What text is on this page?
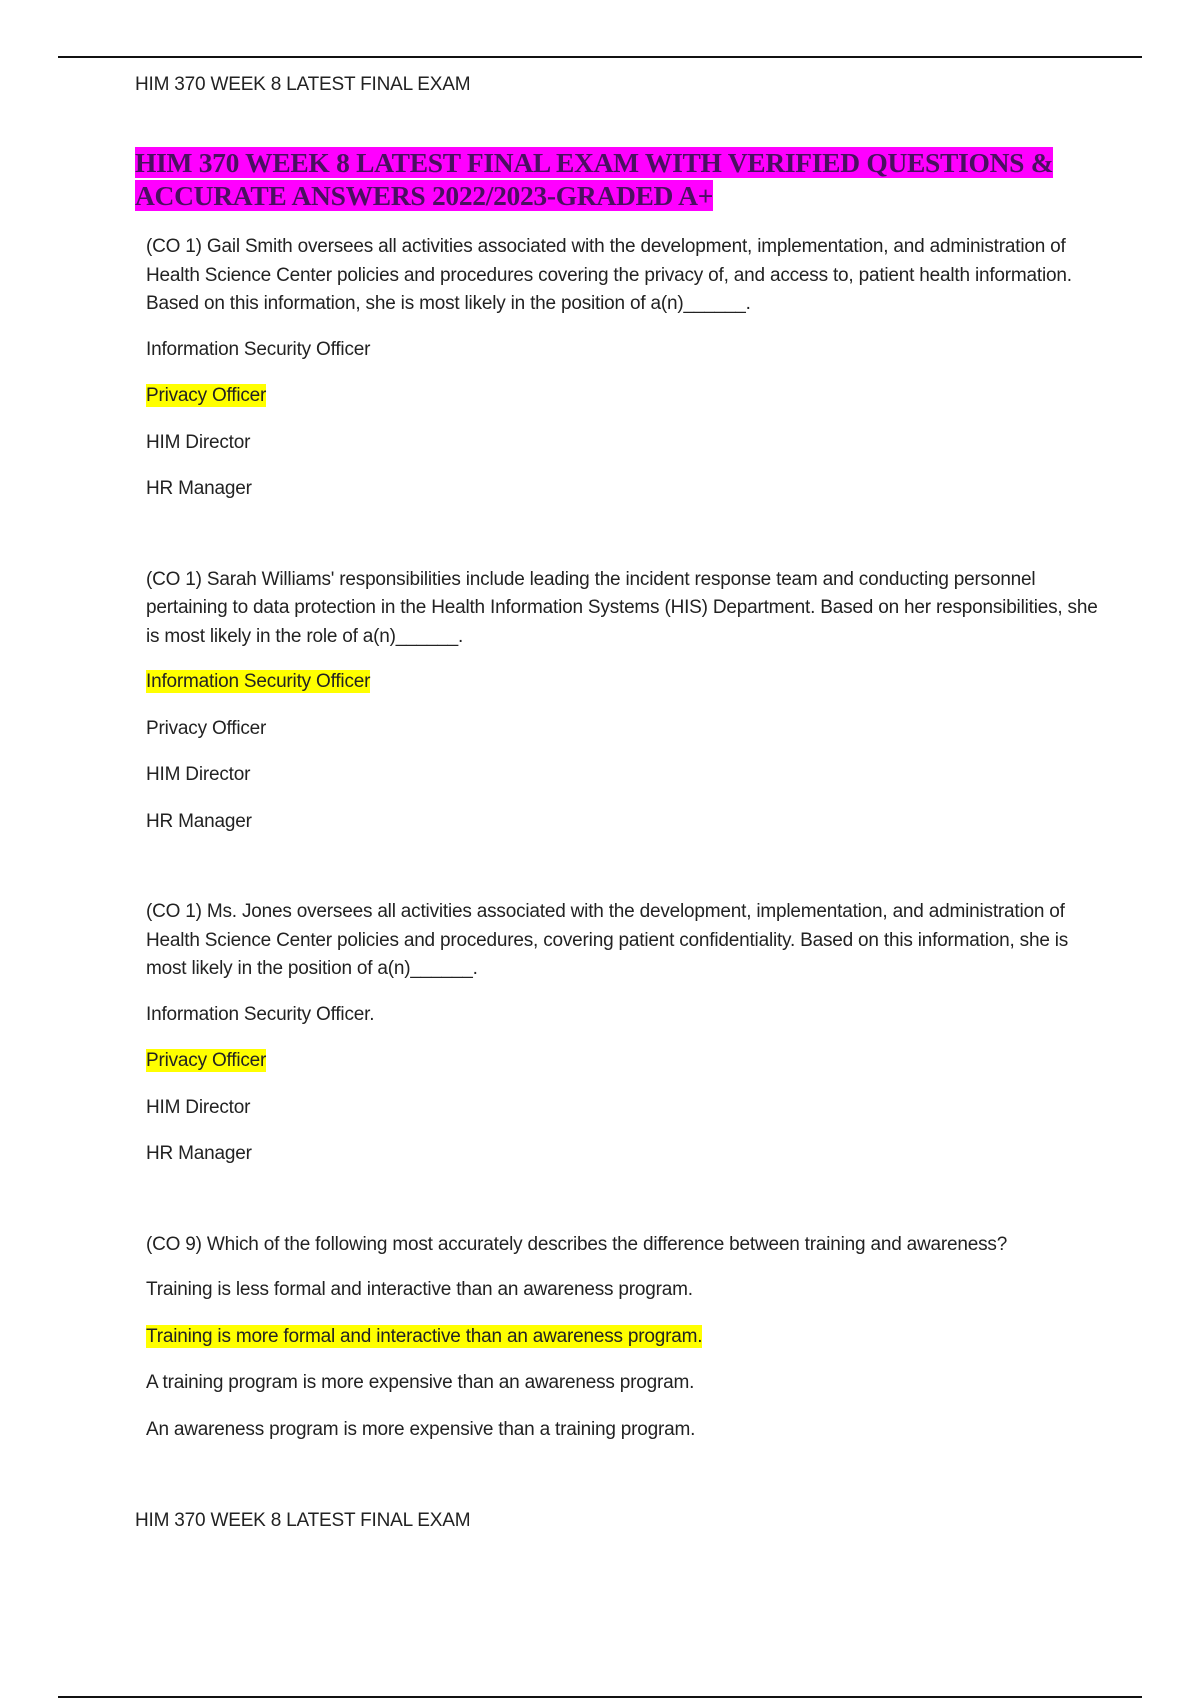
HIM 370 WEEK 8 LATEST FINAL EXAM
HIM 370 WEEK 8 LATEST FINAL EXAM WITH VERIFIED QUESTIONS & ACCURATE ANSWERS 2022/2023-GRADED A+

(CO 1) Gail Smith oversees all activities associated with the development, implementation, and administration of Health Science Center policies and procedures covering the privacy of, and access to, patient health information. Based on this information, she is most likely in the position of a(n)______.

Information Security Officer
Privacy Officer
HIM Director
HR Manager

(CO 1) Sarah Williams' responsibilities include leading the incident response team and conducting personnel pertaining to data protection in the Health Information Systems (HIS) Department. Based on her responsibilities, she is most likely in the role of a(n)______.

Information Security Officer
Privacy Officer
HIM Director
HR Manager

(CO 1) Ms. Jones oversees all activities associated with the development, implementation, and administration of Health Science Center policies and procedures, covering patient confidentiality. Based on this information, she is most likely in the position of a(n)______.

Information Security Officer.
Privacy Officer
HIM Director
HR Manager

(CO 9) Which of the following most accurately describes the difference between training and awareness?

Training is less formal and interactive than an awareness program.
Training is more formal and interactive than an awareness program.
A training program is more expensive than an awareness program.
An awareness program is more expensive than a training program.
HIM 370 WEEK 8 LATEST FINAL EXAM
